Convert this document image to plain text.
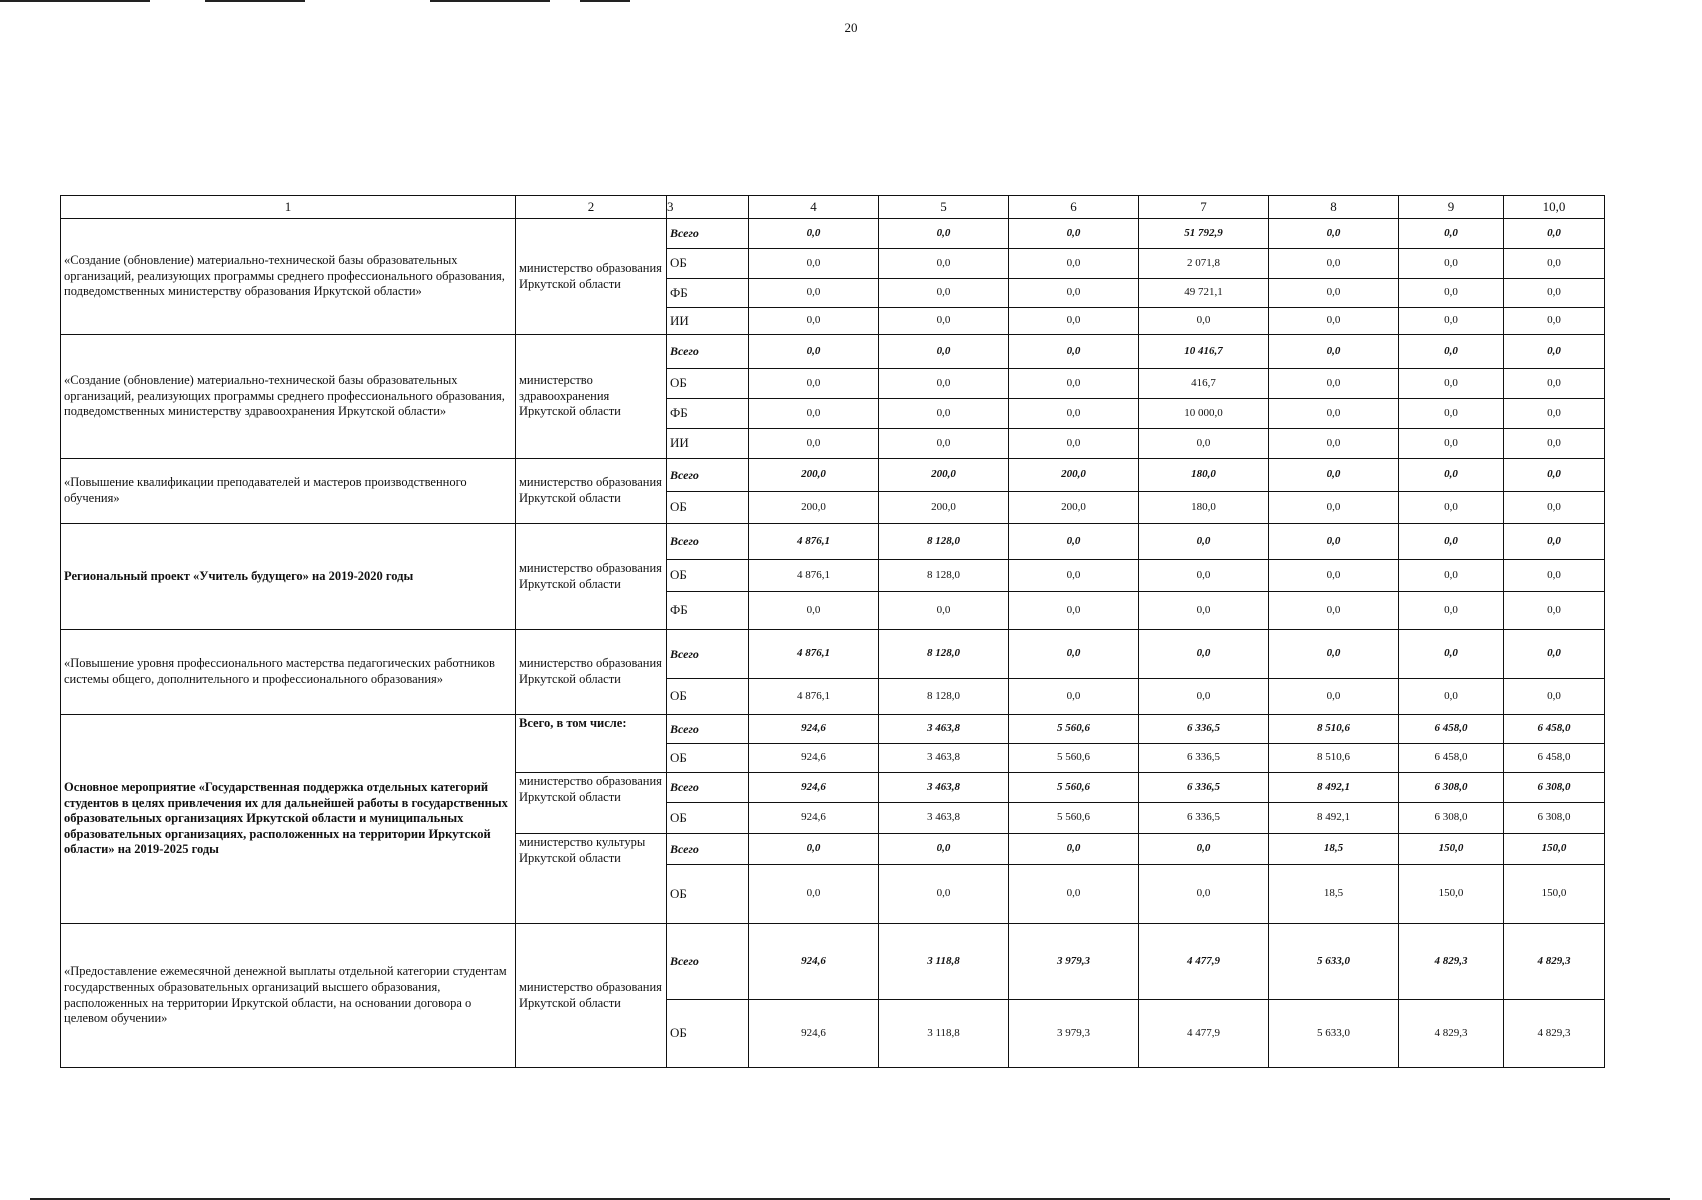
20
1	2	3	4	5	6	7	8	9	10,0
«Создание (обновление) материально-технической базы образовательных организаций, реализующих программы среднего профессионального образования, подведомственных министерству образования Иркутской области»	министерство образования Иркутской области	Всего	0,0	0,0	0,0	51 792,9	0,0	0,0	0,0
		ОБ	0,0	0,0	0,0	2 071,8	0,0	0,0	0,0
		ФБ	0,0	0,0	0,0	49 721,1	0,0	0,0	0,0
		ИИ	0,0	0,0	0,0	0,0	0,0	0,0	0,0
«Создание (обновление) материально-технической базы образовательных организаций, реализующих программы среднего профессионального образования, подведомственных министерству здравоохранения Иркутской области»	министерство здравоохранения Иркутской области	Всего	0,0	0,0	0,0	10 416,7	0,0	0,0	0,0
		ОБ	0,0	0,0	0,0	416,7	0,0	0,0	0,0
		ФБ	0,0	0,0	0,0	10 000,0	0,0	0,0	0,0
		ИИ	0,0	0,0	0,0	0,0	0,0	0,0	0,0
«Повышение квалификации преподавателей и мастеров производственного обучения»	министерство образования Иркутской области	Всего	200,0	200,0	200,0	180,0	0,0	0,0	0,0
		ОБ	200,0	200,0	200,0	180,0	0,0	0,0	0,0
Региональный проект «Учитель будущего» на 2019-2020 годы	министерство образования Иркутской области	Всего	4 876,1	8 128,0	0,0	0,0	0,0	0,0	0,0
		ОБ	4 876,1	8 128,0	0,0	0,0	0,0	0,0	0,0
		ФБ	0,0	0,0	0,0	0,0	0,0	0,0	0,0
«Повышение уровня профессионального мастерства педагогических работников системы общего, дополнительного и профессионального образования»	министерство образования Иркутской области	Всего	4 876,1	8 128,0	0,0	0,0	0,0	0,0	0,0
		ОБ	4 876,1	8 128,0	0,0	0,0	0,0	0,0	0,0
Основное мероприятие «Государственная поддержка отдельных категорий студентов в целях привлечения их для дальнейшей работы в государственных образовательных организациях Иркутской области и муниципальных образовательных организациях, расположенных на территории Иркутской области» на 2019-2025 годы	Всего, в том числе:	Всего	924,6	3 463,8	5 560,6	6 336,5	8 510,6	6 458,0	6 458,0
		ОБ	924,6	3 463,8	5 560,6	6 336,5	8 510,6	6 458,0	6 458,0
	министерство образования Иркутской области	Всего	924,6	3 463,8	5 560,6	6 336,5	8 492,1	6 308,0	6 308,0
		ОБ	924,6	3 463,8	5 560,6	6 336,5	8 492,1	6 308,0	6 308,0
	министерство культуры Иркутской области	Всего	0,0	0,0	0,0	0,0	18,5	150,0	150,0
		ОБ	0,0	0,0	0,0	0,0	18,5	150,0	150,0
«Предоставление ежемесячной денежной выплаты отдельной категории студентам государственных образовательных организаций высшего образования, расположенных на территории Иркутской области, на основании договора о целевом обучении»	министерство образования Иркутской области	Всего	924,6	3 118,8	3 979,3	4 477,9	5 633,0	4 829,3	4 829,3
		ОБ	924,6	3 118,8	3 979,3	4 477,9	5 633,0	4 829,3	4 829,3
